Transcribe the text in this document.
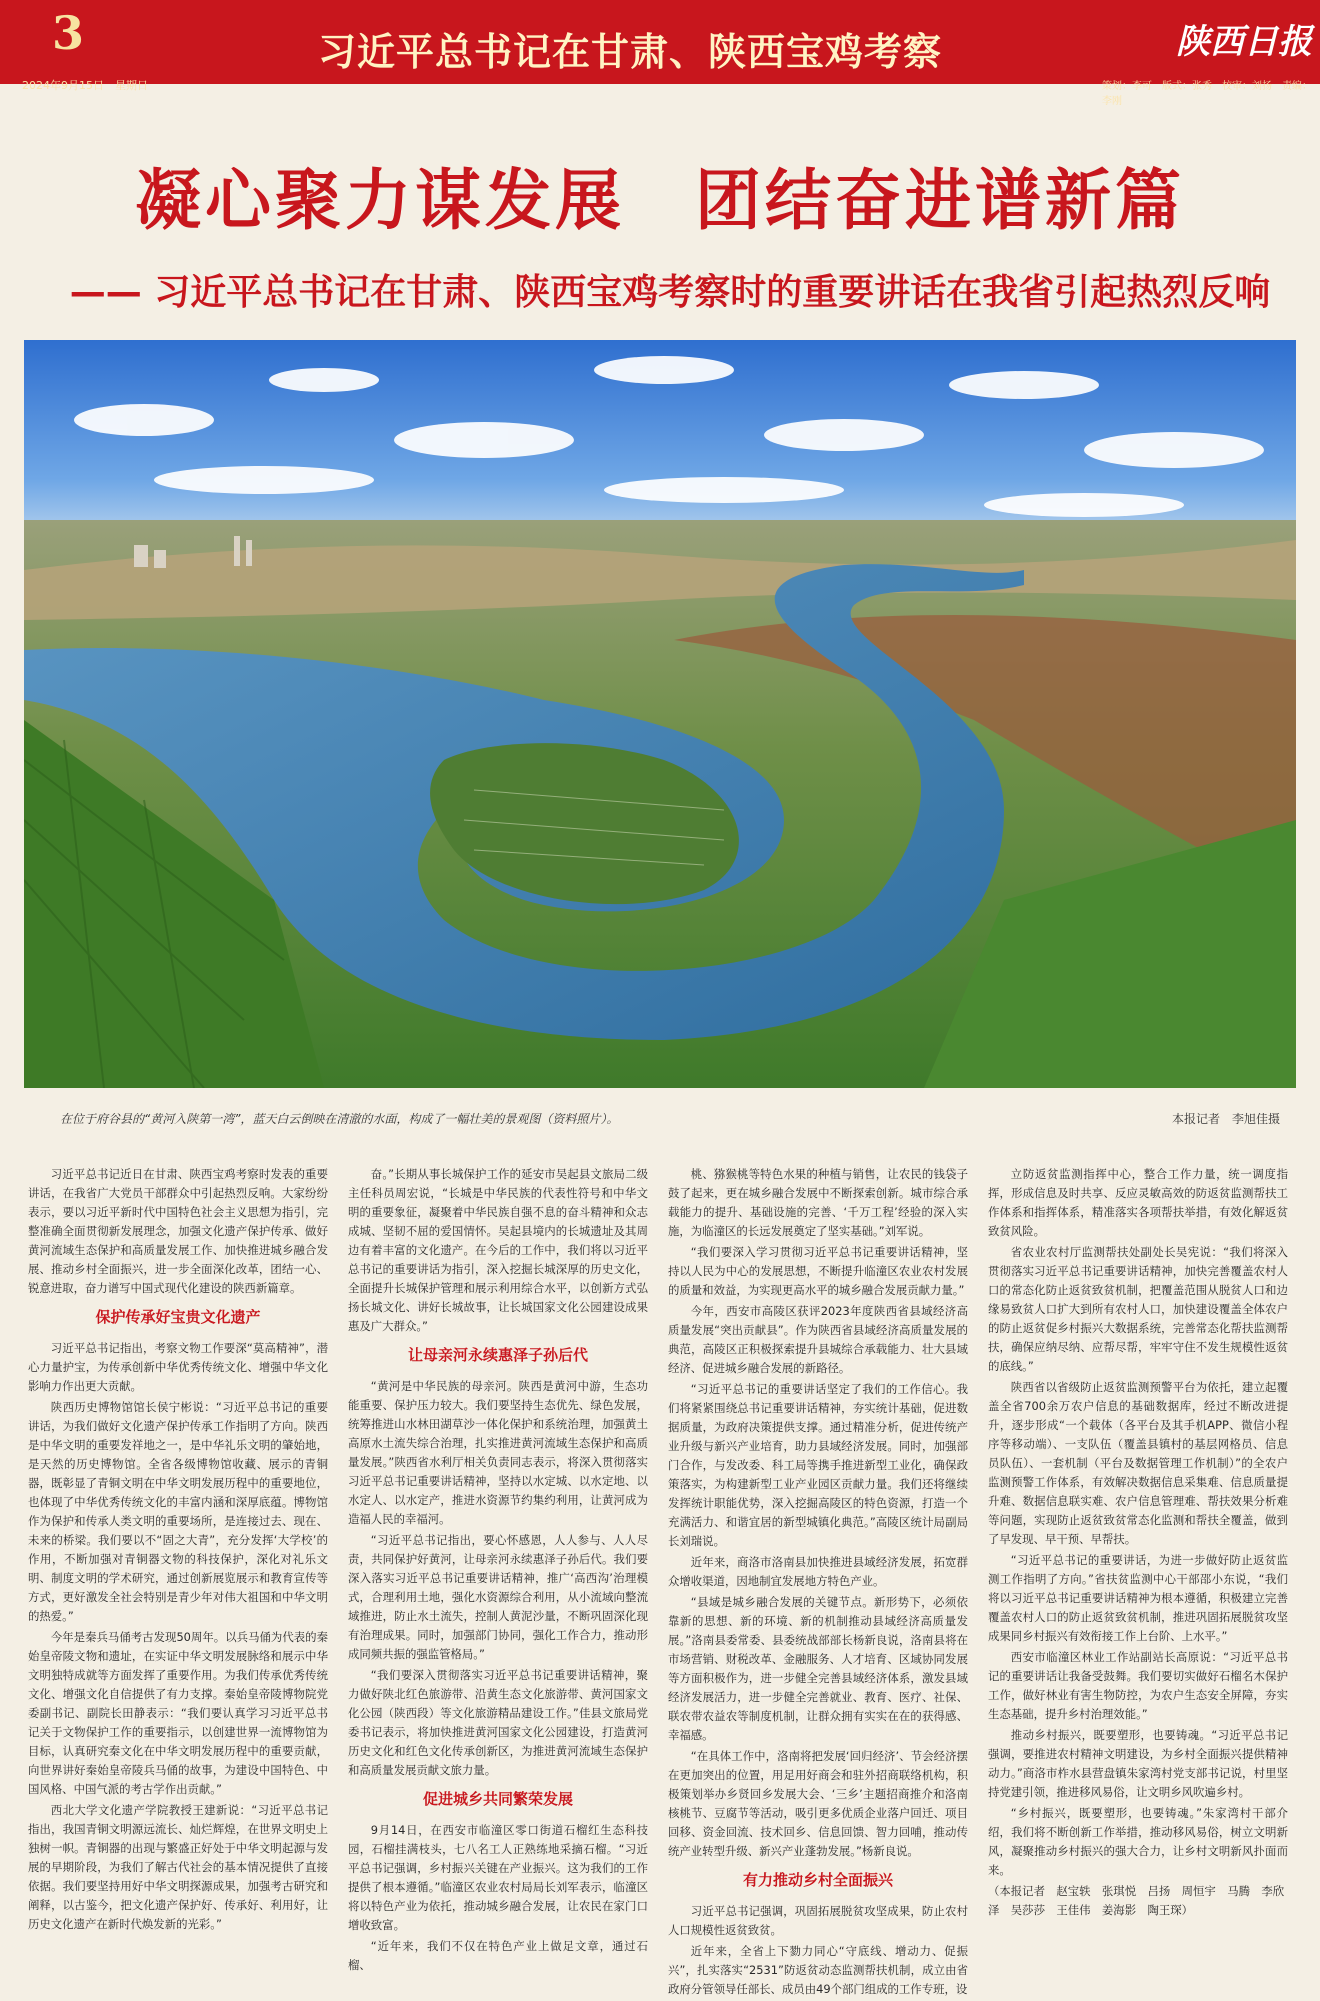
3	习近平总书记在甘肃、陕西宝鸡考察	陕西日报
2024年9月15日　星期日	策划：李可　版式：张秀　校审：刘扬　责编：李刚
凝心聚力谋发展　团结奋进谱新篇
—— 习近平总书记在甘肃、陕西宝鸡考察时的重要讲话在我省引起热烈反响
在位于府谷县的“黄河入陕第一湾”，蓝天白云倒映在清澈的水面，构成了一幅壮美的景观图（资料照片）。	本报记者　李旭佳摄

习近平总书记近日在甘肃、陕西宝鸡考察时发表的重要讲话，在我省广大党员干部群众中引起热烈反响。大家纷纷表示，要以习近平新时代中国特色社会主义思想为指引，完整准确全面贯彻新发展理念，加强文化遗产保护传承、做好黄河流域生态保护和高质量发展工作、加快推进城乡融合发展、推动乡村全面振兴，进一步全面深化改革，团结一心、锐意进取，奋力谱写中国式现代化建设的陕西新篇章。

保护传承好宝贵文化遗产

习近平总书记指出，考察文物工作要深“莫高精神”，潜心力量护宝，为传承创新中华优秀传统文化、增强中华文化影响力作出更大贡献。

陕西历史博物馆馆长侯宁彬说：“习近平总书记的重要讲话，为我们做好文化遗产保护传承工作指明了方向。陕西是中华文明的重要发祥地之一，是中华礼乐文明的肇始地，是天然的历史博物馆。全省各级博物馆收藏、展示的青铜器，既彰显了青铜文明在中华文明发展历程中的重要地位，也体现了中华优秀传统文化的丰富内涵和深厚底蕴。博物馆作为保护和传承人类文明的重要场所，是连接过去、现在、未来的桥梁。我们要以不“固之大青”，充分发挥‘大学校’的作用，不断加强对青铜器文物的科技保护，深化对礼乐文明、制度文明的学术研究，通过创新展览展示和教育宣传等方式，更好激发全社会特别是青少年对伟大祖国和中华文明的热爱。”

今年是秦兵马俑考古发现50周年。以兵马俑为代表的秦始皇帝陵文物和遗址，在实证中华文明发展脉络和展示中华文明独特成就等方面发挥了重要作用。为我们传承优秀传统文化、增强文化自信提供了有力支撑。秦始皇帝陵博物院党委副书记、副院长田静表示：“我们要认真学习习近平总书记关于文物保护工作的重要指示，以创建世界一流博物馆为目标，认真研究秦文化在中华文明发展历程中的重要贡献，向世界讲好秦始皇帝陵兵马俑的故事，为建设中国特色、中国风格、中国气派的考古学作出贡献。”

西北大学文化遗产学院教授王建新说：“习近平总书记指出，我国青铜文明源远流长、灿烂辉煌，在世界文明史上独树一帜。青铜器的出现与繁盛正好处于中华文明起源与发展的早期阶段，为我们了解古代社会的基本情况提供了直接依据。我们要坚持用好中华文明探源成果，加强考古研究和阐释，以古鉴今，把文化遗产保护好、传承好、利用好，让历史文化遗产在新时代焕发新的光彩。”

奋。”长期从事长城保护工作的延安市吴起县文旅局二级主任科员周宏说，“长城是中华民族的代表性符号和中华文明的重要象征，凝聚着中华民族自强不息的奋斗精神和众志成城、坚韧不屈的爱国情怀。吴起县境内的长城遗址及其周边有着丰富的文化遗产。在今后的工作中，我们将以习近平总书记的重要讲话为指引，深入挖掘长城深厚的历史文化，全面提升长城保护管理和展示利用综合水平，以创新方式弘扬长城文化、讲好长城故事，让长城国家文化公园建设成果惠及广大群众。”

让母亲河永续惠泽子孙后代

“黄河是中华民族的母亲河。陕西是黄河中游，生态功能重要、保护压力较大。我们要坚持生态优先、绿色发展，统筹推进山水林田湖草沙一体化保护和系统治理，加强黄土高原水土流失综合治理，扎实推进黄河流域生态保护和高质量发展。”陕西省水利厅相关负责同志表示，将深入贯彻落实习近平总书记重要讲话精神，坚持以水定城、以水定地、以水定人、以水定产，推进水资源节约集约利用，让黄河成为造福人民的幸福河。

“习近平总书记指出，要心怀感恩，人人参与、人人尽责，共同保护好黄河，让母亲河永续惠泽子孙后代。我们要深入落实习近平总书记重要讲话精神，推广‘高西沟’治理模式，合理利用土地，强化水资源综合利用，从小流域向整流域推进，防止水土流失，控制人黄泥沙量，不断巩固深化现有治理成果。同时，加强部门协同，强化工作合力，推动形成同频共振的强监管格局。”

“我们要深入贯彻落实习近平总书记重要讲话精神，聚力做好陕北红色旅游带、沿黄生态文化旅游带、黄河国家文化公园（陕西段）等文化旅游精品建设工作。”佳县文旅局党委书记表示，将加快推进黄河国家文化公园建设，打造黄河历史文化和红色文化传承创新区，为推进黄河流域生态保护和高质量发展贡献文旅力量。

促进城乡共同繁荣发展

9月14日，在西安市临潼区零口街道石榴红生态科技园，石榴挂满枝头，七八名工人正熟练地采摘石榴。“习近平总书记强调，乡村振兴关键在产业振兴。这为我们的工作提供了根本遵循。”临潼区农业农村局局长刘军表示，临潼区将以特色产业为依托，推动城乡融合发展，让农民在家门口增收致富。

“近年来，我们不仅在特色产业上做足文章，通过石榴、

桃、猕猴桃等特色水果的种植与销售，让农民的钱袋子鼓了起来，更在城乡融合发展中不断探索创新。城市综合承载能力的提升、基础设施的完善、‘千万工程’经验的深入实施，为临潼区的长远发展奠定了坚实基础。”刘军说。

“我们要深入学习贯彻习近平总书记重要讲话精神，坚持以人民为中心的发展思想，不断提升临潼区农业农村发展的质量和效益，为实现更高水平的城乡融合发展贡献力量。”

今年，西安市高陵区获评2023年度陕西省县域经济高质量发展“突出贡献县”。作为陕西省县域经济高质量发展的典范，高陵区正积极探索提升县城综合承载能力、壮大县域经济、促进城乡融合发展的新路径。

“习近平总书记的重要讲话坚定了我们的工作信心。我们将紧紧围绕总书记重要讲话精神，夯实统计基础，促进数据质量，为政府决策提供支撑。通过精准分析，促进传统产业升级与新兴产业培育，助力县域经济发展。同时，加强部门合作，与发改委、科工局等携手推进新型工业化，确保政策落实，为构建新型工业产业园区贡献力量。我们还将继续发挥统计职能优势，深入挖掘高陵区的特色资源，打造一个充满活力、和谐宜居的新型城镇化典范。”高陵区统计局副局长刘瑞说。

近年来，商洛市洛南县加快推进县域经济发展，拓宽群众增收渠道，因地制宜发展地方特色产业。

“县域是城乡融合发展的关键节点。新形势下，必须依靠新的思想、新的环境、新的机制推动县域经济高质量发展。”洛南县委常委、县委统战部部长杨新良说，洛南县将在市场营销、财税改革、金融服务、人才培育、区域协同发展等方面积极作为，进一步健全完善县域经济体系，激发县域经济发展活力，进一步健全完善就业、教育、医疗、社保、联农带农益农等制度机制，让群众拥有实实在在的获得感、幸福感。

“在具体工作中，洛南将把发展‘回归经济’、节会经济摆在更加突出的位置，用足用好商会和驻外招商联络机构，积极策划举办乡贤回乡发展大会、‘三乡’主题招商推介和洛南核桃节、豆腐节等活动，吸引更多优质企业落户回迁、项目回移、资金回流、技术回乡、信息回馈、智力回哺，推动传统产业转型升级、新兴产业蓬勃发展。”杨新良说。

有力推动乡村全面振兴

习近平总书记强调，巩固拓展脱贫攻坚成果，防止农村人口规模性返贫致贫。

近年来，全省上下勠力同心“守底线、增动力、促振兴”，扎实落实“2531”防返贫动态监测帮扶机制，成立由省政府分管领导任部长、成员由49个部门组成的工作专班，设

立防返贫监测指挥中心，整合工作力量，统一调度指挥，形成信息及时共享、反应灵敏高效的防返贫监测帮扶工作体系和指挥体系，精准落实各项帮扶举措，有效化解返贫致贫风险。

省农业农村厅监测帮扶处副处长吴宪说：“我们将深入贯彻落实习近平总书记重要讲话精神，加快完善覆盖农村人口的常态化防止返贫致贫机制，把覆盖范围从脱贫人口和边缘易致贫人口扩大到所有农村人口，加快建设覆盖全体农户的防止返贫促乡村振兴大数据系统，完善常态化帮扶监测帮扶，确保应纳尽纳、应帮尽帮，牢牢守住不发生规模性返贫的底线。”

陕西省以省级防止返贫监测预警平台为依托，建立起覆盖全省700余万农户信息的基础数据库，经过不断改进提升，逐步形成“一个载体（各平台及其手机APP、微信小程序等移动端）、一支队伍（覆盖县镇村的基层网格员、信息员队伍）、一套机制（平台及数据管理工作机制）”的全农户监测预警工作体系，有效解决数据信息采集难、信息质量提升难、数据信息联实难、农户信息管理难、帮扶效果分析难等问题，实现防止返贫致贫常态化监测和帮扶全覆盖，做到了早发现、早干预、早帮扶。

“习近平总书记的重要讲话，为进一步做好防止返贫监测工作指明了方向。”省扶贫监测中心干部邵小东说，“我们将以习近平总书记重要讲话精神为根本遵循，积极建立完善覆盖农村人口的防止返贫致贫机制，推进巩固拓展脱贫攻坚成果同乡村振兴有效衔接工作上台阶、上水平。”

西安市临潼区林业工作站副站长高原说：“习近平总书记的重要讲话让我备受鼓舞。我们要切实做好石榴名木保护工作，做好林业有害生物防控，为农户生态安全屏障，夯实生态基础，提升乡村治理效能。”

推动乡村振兴，既要塑形，也要铸魂。“习近平总书记强调，要推进农村精神文明建设，为乡村全面振兴提供精神动力。”商洛市柞水县营盘镇朱家湾村党支部书记说，村里坚持党建引领，推进移风易俗，让文明乡风吹遍乡村。

“乡村振兴，既要塑形，也要铸魂。”朱家湾村干部介绍，我们将不断创新工作举措，推动移风易俗，树立文明新风，凝聚推动乡村振兴的强大合力，让乡村文明新风扑面而来。

（本报记者　赵宝轶　张琪悦　吕扬　周恒宇　马腾　李欣泽　吴莎莎　王佳伟　姜海影　陶王琛）
